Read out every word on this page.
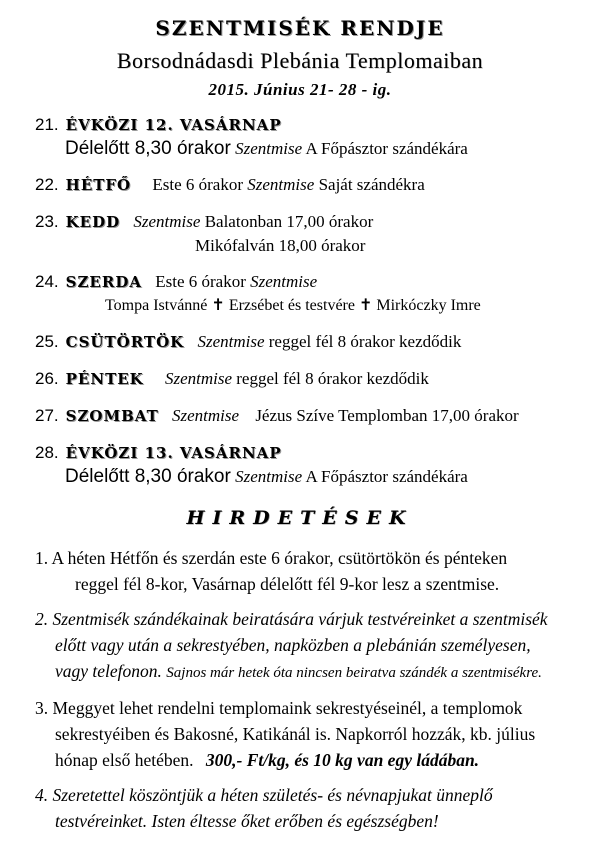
SZENTMISÉK RENDJE
Borsodnádasdi Plebánia Templomaiban
2015. Június 21- 28 - ig.
21. ÉVKÖZI 12. VASÁRNAP
Délelőtt 8,30 órakor Szentmise A Főpásztor szándékára
22. HÉTFŐ Este 6 órakor Szentmise Saját szándékra
23. KEDD Szentmise Balatonban 17,00 órakor
Mikófalván 18,00 órakor
24. SZERDA Este 6 órakor Szentmise
Tompa Istvánné ✝ Erzsébet és testvére ✝ Mirkóczky Imre
25. CSÜTÖRTÖK Szentmise reggel fél 8 órakor kezdődik
26. PÉNTEK Szentmise reggel fél 8 órakor kezdődik
27. SZOMBAT Szentmise Jézus Szíve Templomban 17,00 órakor
28. ÉVKÖZI 13. VASÁRNAP
Délelőtt 8,30 órakor Szentmise A Főpásztor szándékára
HIRDETÉSEK
1. A héten Hétfőn és szerdán este 6 órakor, csütörtökön és pénteken
reggel fél 8-kor, Vasárnap délelőtt fél 9-kor lesz a szentmise.
2. Szentmisék szándékainak beiratására várjuk testvéreinket a szentmisék
előtt vagy után a sekrestyében, napközben a plebánián személyesen,
vagy telefonon. Sajnos már hetek óta nincsen beiratva szándék a szentmisékre.
3. Meggyet lehet rendelni templomaink sekrestyéseinél, a templomok
sekrestyéiben és Bakosné, Katikánál is. Napkorról hozzák, kb. július
hónap első hetében. 300,- Ft/kg, és 10 kg van egy ládában.
4. Szeretettel köszöntjük a héten születés- és névnapjukat ünneplő
testvéreinket. Isten éltesse őket erőben és egészségben!
